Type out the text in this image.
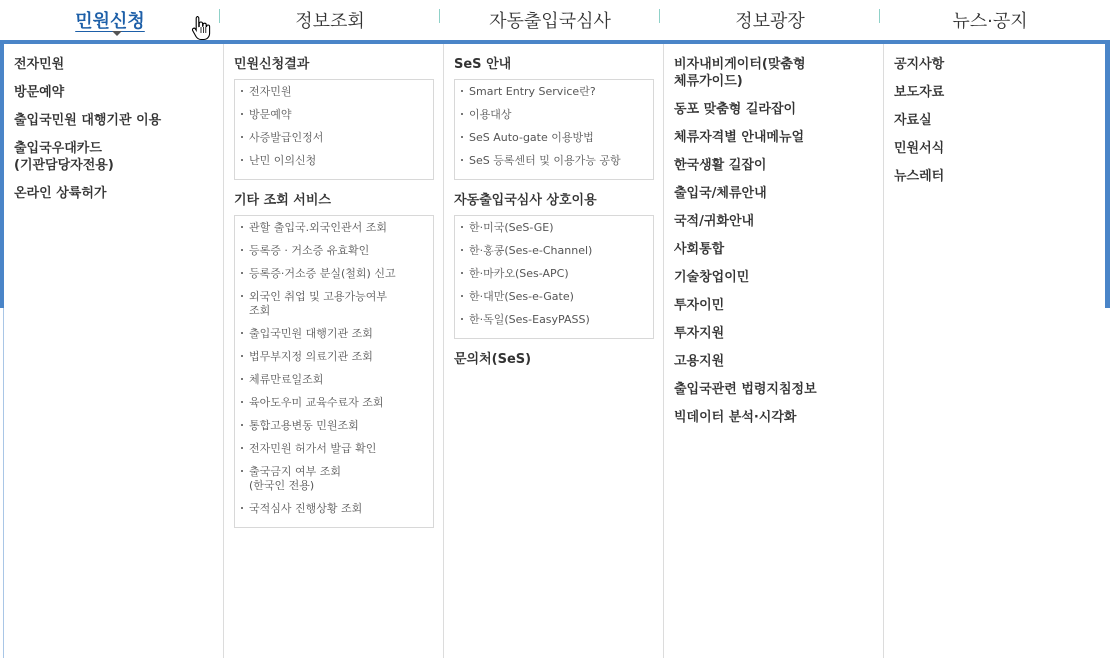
민원신청	정보조회	자동출입국심사	정보광장	뉴스·공지
전자민원
방문예약
출입국민원 대행기관 이용
출입국우대카드
(기관담당자전용)
온라인 상륙허가
민원신청결과
전자민원
방문예약
사증발급인정서
난민 이의신청
기타 조회 서비스
관할 출입국.외국인관서 조회
등록증 · 거소증 유효확인
등록증·거소증 분실(철회) 신고
외국인 취업 및 고용가능여부
조회
출입국민원 대행기관 조회
법무부지정 의료기관 조회
체류만료일조회
육아도우미 교육수료자 조회
통합고용변동 민원조회
전자민원 허가서 발급 확인
출국금지 여부 조회
(한국인 전용)
국적심사 진행상황 조회
SeS 안내
Smart Entry Service란?
이용대상
SeS Auto-gate 이용방법
SeS 등록센터 및 이용가능 공항
자동출입국심사 상호이용
한·미국(SeS-GE)
한·홍콩(Ses-e-Channel)
한·마카오(Ses-APC)
한·대만(Ses-e-Gate)
한·독일(Ses-EasyPASS)
문의처(SeS)
비자내비게이터(맞춤형
체류가이드)
동포 맞춤형 길라잡이
체류자격별 안내메뉴얼
한국생활 길잡이
출입국/체류안내
국적/귀화안내
사회통합
기술창업이민
투자이민
투자지원
고용지원
출입국관련 법령지침정보
빅데이터 분석·시각화
공지사항
보도자료
자료실
민원서식
뉴스레터
